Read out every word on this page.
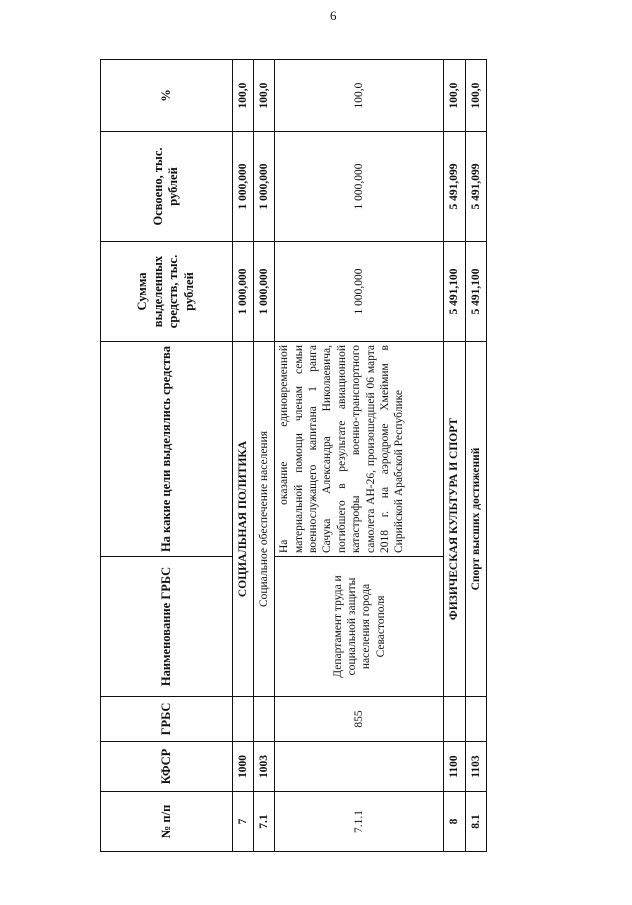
6
№ п/п	КФСР	ГРБС	Наименование ГРБС	На какие цели выделялись средства	Сумма выделенных средств, тыс. рублей	Освоено, тыс. рублей	%
7	1000		СОЦИАЛЬНАЯ ПОЛИТИКА		1 000,000	1 000,000	100,0
7.1	1003		Социальное обеспечение населения		1 000,000	1 000,000	100,0
7.1.1		855	Департамент труда и социальной защиты населения города Севастополя	На оказание единовременной материальной помощи членам семьи военнослужащего капитана 1 ранга Сачука Александра Николаевича, погибшего в результате авиационной катастрофы военно-транспортного самолета АН-26, произошедшей 06 марта 2018 г. на аэродроме Хмеймим в Сирийской Арабской Республике	1 000,000	1 000,000	100,0
8	1100		ФИЗИЧЕСКАЯ КУЛЬТУРА И СПОРТ		5 491,100	5 491,099	100,0
8.1	1103		Спорт высших достижений		5 491,100	5 491,099	100,0
